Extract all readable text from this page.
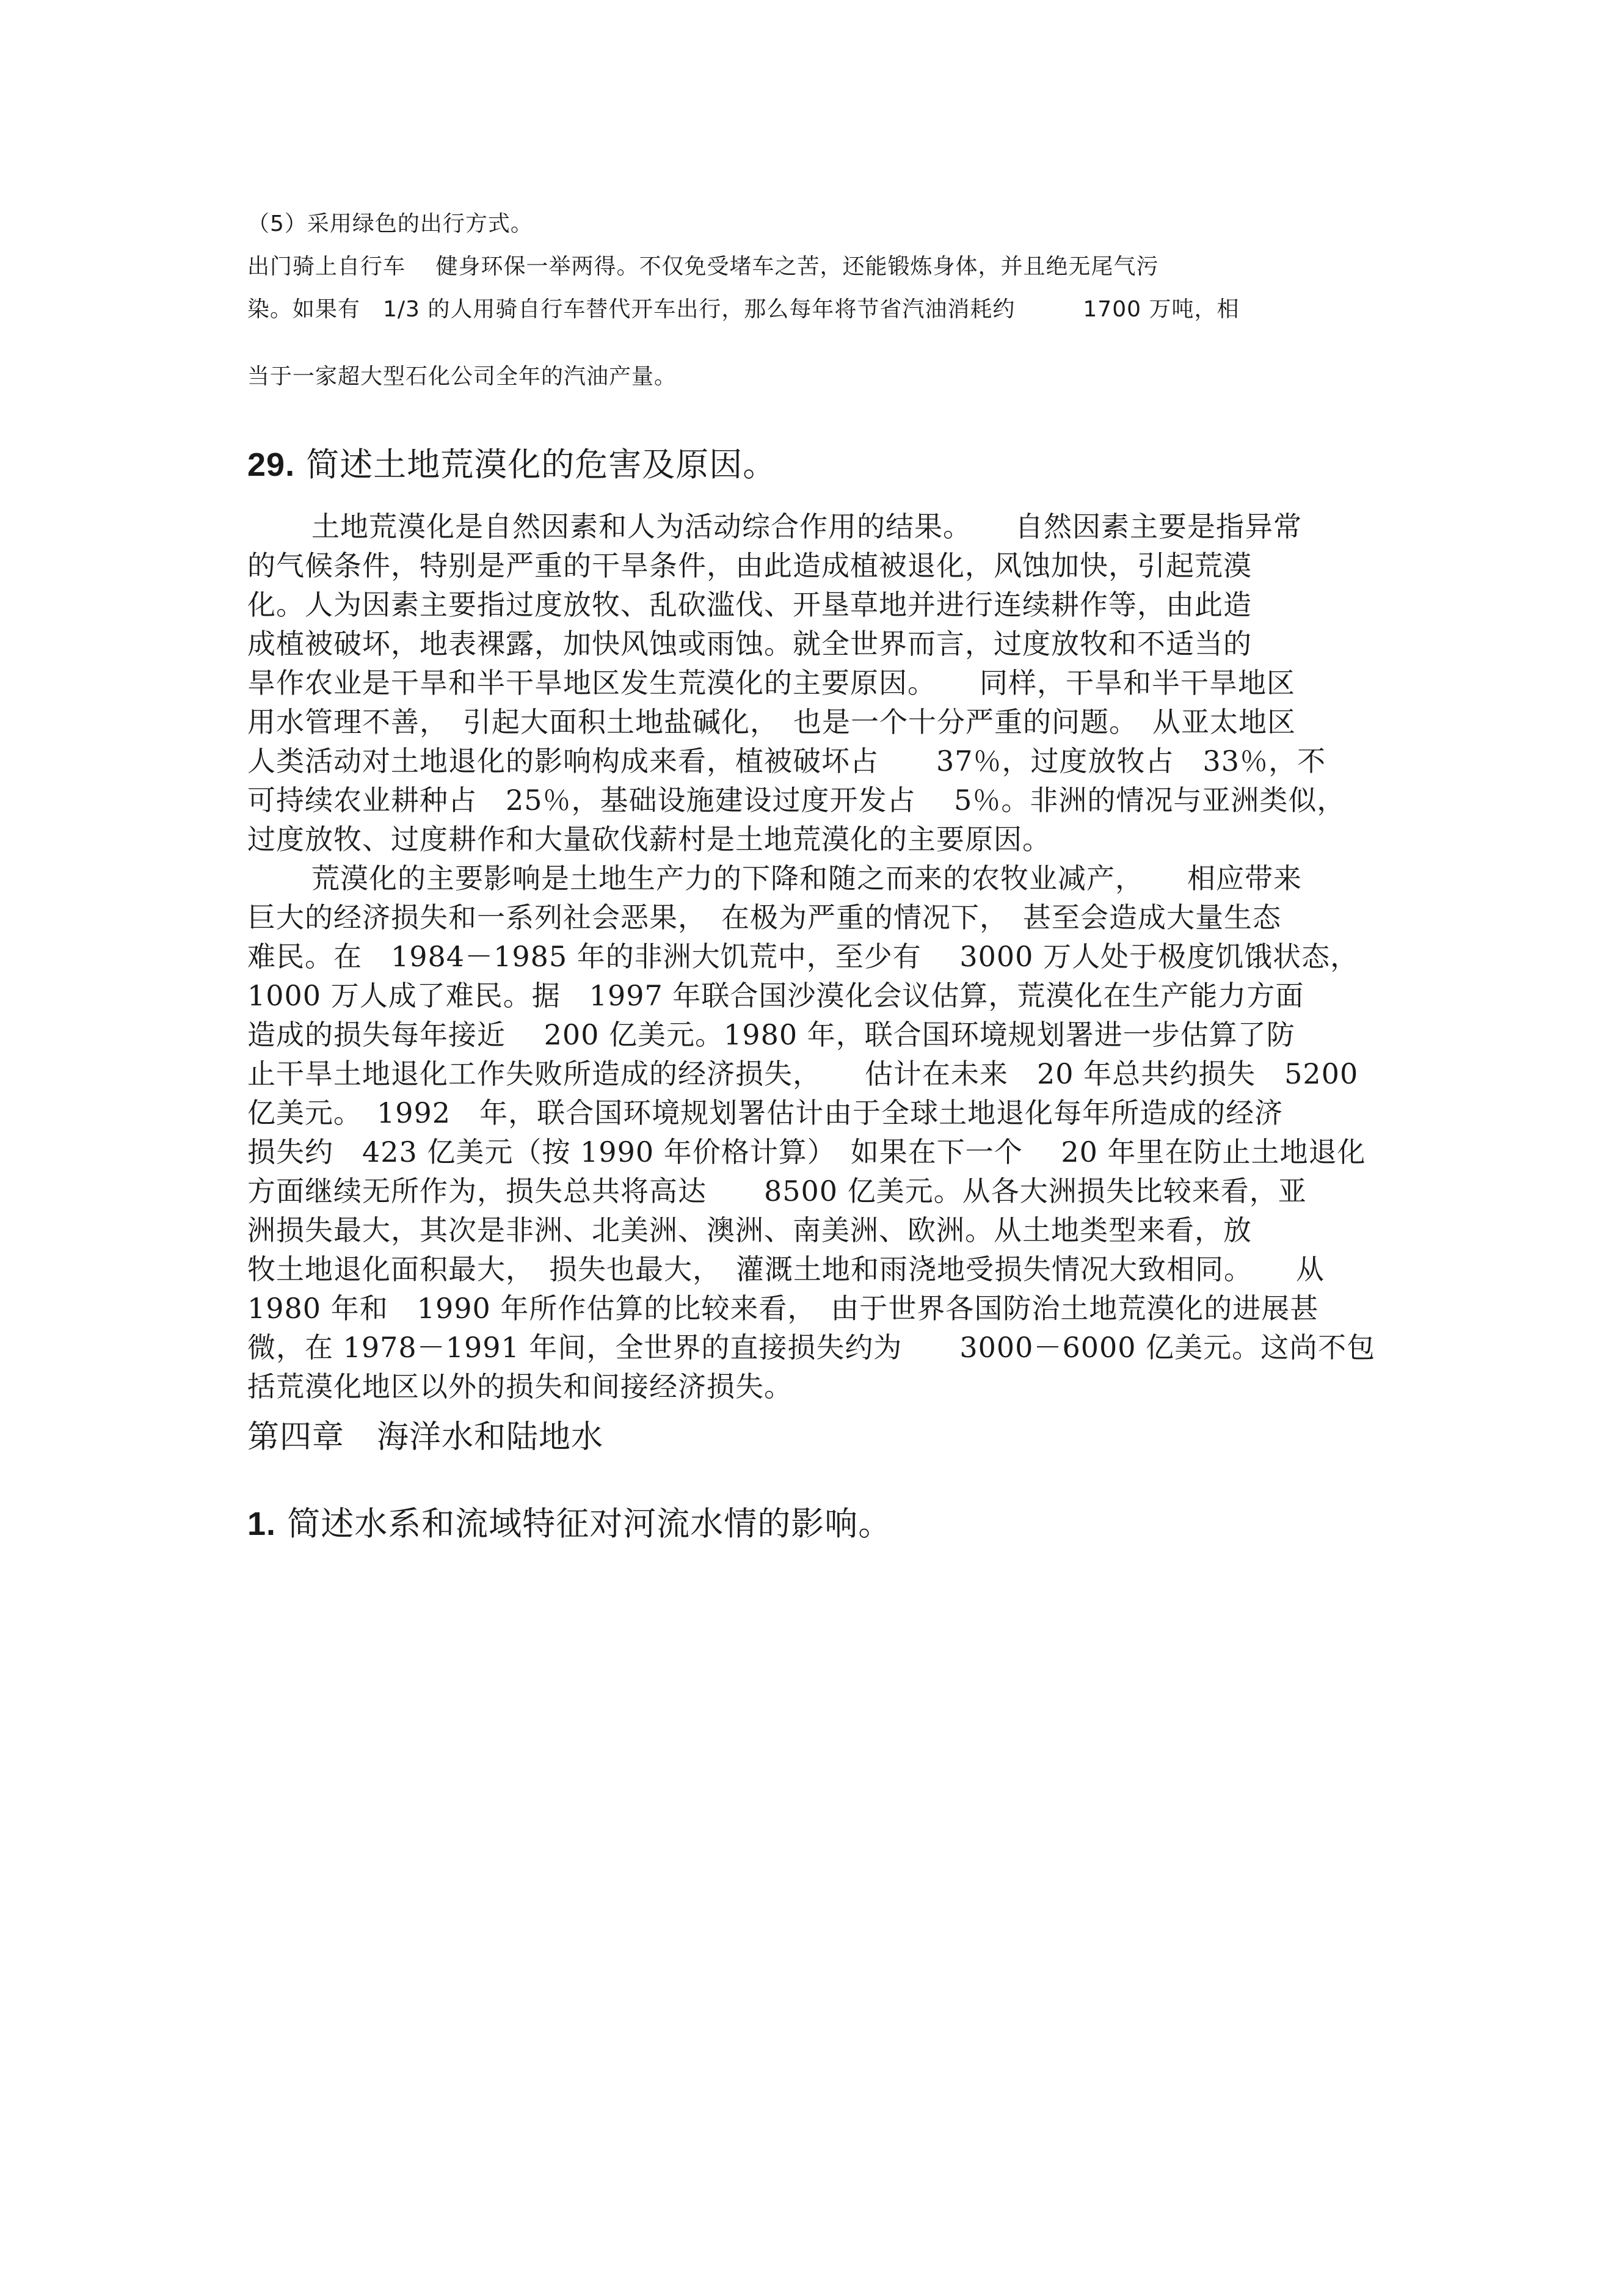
（5）采用绿色的出行方式。

出门骑上自行车　 健身环保一举两得。不仅免受堵车之苦，还能锻炼身体，并且绝无尾气污

染。如果有　1/3 的人用骑自行车替代开车出行，那么每年将节省汽油消耗约　　　1700 万吨，相

当于一家超大型石化公司全年的汽油产量。

29. 简述土地荒漠化的危害及原因。

土地荒漠化是自然因素和人为活动综合作用的结果。　　自然因素主要是指异常

的气候条件，特别是严重的干旱条件，由此造成植被退化，风蚀加快，引起荒漠

化。人为因素主要指过度放牧、乱砍滥伐、开垦草地并进行连续耕作等，由此造

成植被破坏，地表裸露，加快风蚀或雨蚀。就全世界而言，过度放牧和不适当的

旱作农业是干旱和半干旱地区发生荒漠化的主要原因。　　同样，干旱和半干旱地区

用水管理不善，　引起大面积土地盐碱化，　也是一个十分严重的问题。　从亚太地区

人类活动对土地退化的影响构成来看，植被破坏占　　37％，过度放牧占　33％，不

可持续农业耕种占　25％，基础设施建设过度开发占　 5％。非洲的情况与亚洲类似，

过度放牧、过度耕作和大量砍伐薪村是土地荒漠化的主要原因。

荒漠化的主要影响是土地生产力的下降和随之而来的农牧业减产，　　相应带来

巨大的经济损失和一系列社会恶果，　在极为严重的情况下，　甚至会造成大量生态

难民。在　1984－1985 年的非洲大饥荒中，至少有　 3000 万人处于极度饥饿状态，

1000 万人成了难民。据　1997 年联合国沙漠化会议估算，荒漠化在生产能力方面

造成的损失每年接近　 200 亿美元。1980 年，联合国环境规划署进一步估算了防

止干旱土地退化工作失败所造成的经济损失，　　估计在未来　20 年总共约损失　5200

亿美元。　1992　年，联合国环境规划署估计由于全球土地退化每年所造成的经济

损失约　423 亿美元（按 1990 年价格计算）　如果在下一个　 20 年里在防止土地退化

方面继续无所作为，损失总共将高达　　8500 亿美元。从各大洲损失比较来看，亚

洲损失最大，其次是非洲、北美洲、澳洲、南美洲、欧洲。从土地类型来看，放

牧土地退化面积最大，　损失也最大，　灌溉土地和雨浇地受损失情况大致相同。　　从

1980 年和　1990 年所作估算的比较来看，　由于世界各国防治土地荒漠化的进展甚

微，在 1978－1991 年间，全世界的直接损失约为　　3000－6000 亿美元。这尚不包

括荒漠化地区以外的损失和间接经济损失。

第四章　海洋水和陆地水
1. 简述水系和流域特征对河流水情的影响。
